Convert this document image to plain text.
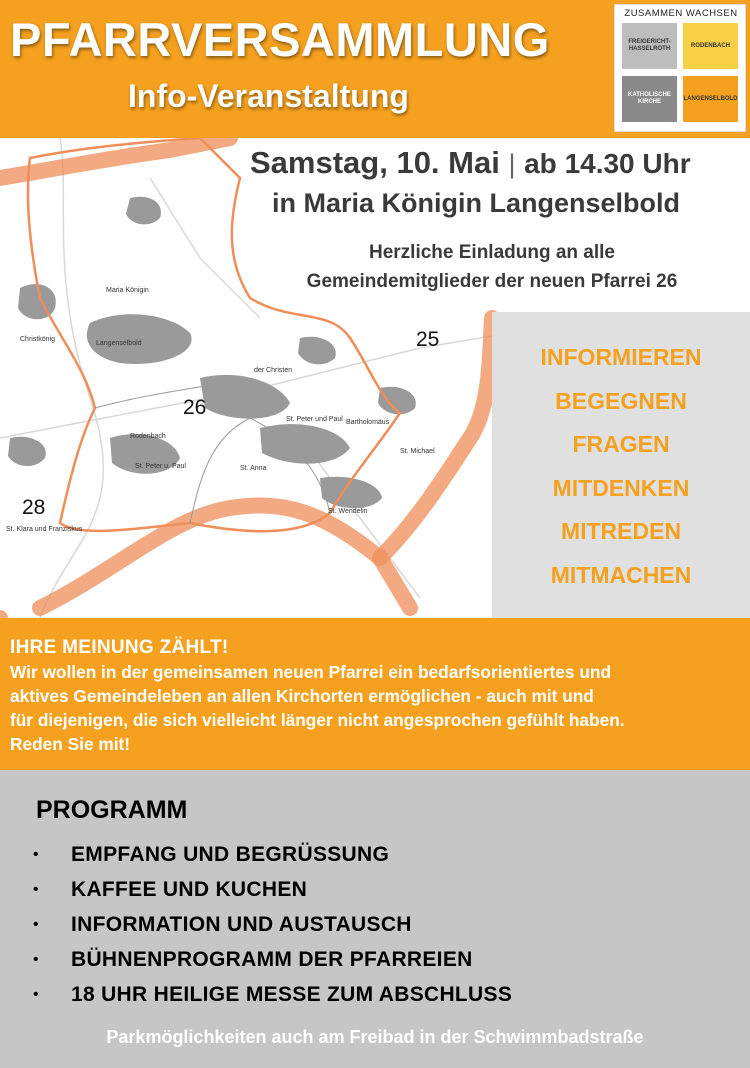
PFARRVERSAMMLUNG
Info-Veranstaltung
ZUSAMMEN WACHSEN
FREIGERICHT-HASSELROTH
RODENBACH
KATHOLISCHE KIRCHE
LANGENSELBOLD
Maria Königin
Christkönig
der Christen
St. Peter und Paul Bartholomäus
St. Michael
St. Anna
St. Peter u. Paul
St. Wendelin
St. Klara und Franziskus
Rodenbach
Langenselbold	25
26
28
Samstag, 10. Mai | ab 14.30 Uhr
in Maria Königin Langenselbold
Herzliche Einladung an alle
Gemeindemitglieder der neuen Pfarrei 26
INFORMIEREN
BEGEGNEN
FRAGEN
MITDENKEN
MITREDEN
MITMACHEN
IHRE MEINUNG ZÄHLT!
Wir wollen in der gemeinsamen neuen Pfarrei ein bedarfsorientiertes und
aktives Gemeindeleben an allen Kirchorten ermöglichen - auch mit und
für diejenigen, die sich vielleicht länger nicht angesprochen gefühlt haben.
Reden Sie mit!
PROGRAMM
• EMPFANG UND BEGRÜSSUNG
• KAFFEE UND KUCHEN
• INFORMATION UND AUSTAUSCH
• BÜHNENPROGRAMM DER PFARREIEN
• 18 UHR HEILIGE MESSE ZUM ABSCHLUSS
Parkmöglichkeiten auch am Freibad in der Schwimmbadstraße
